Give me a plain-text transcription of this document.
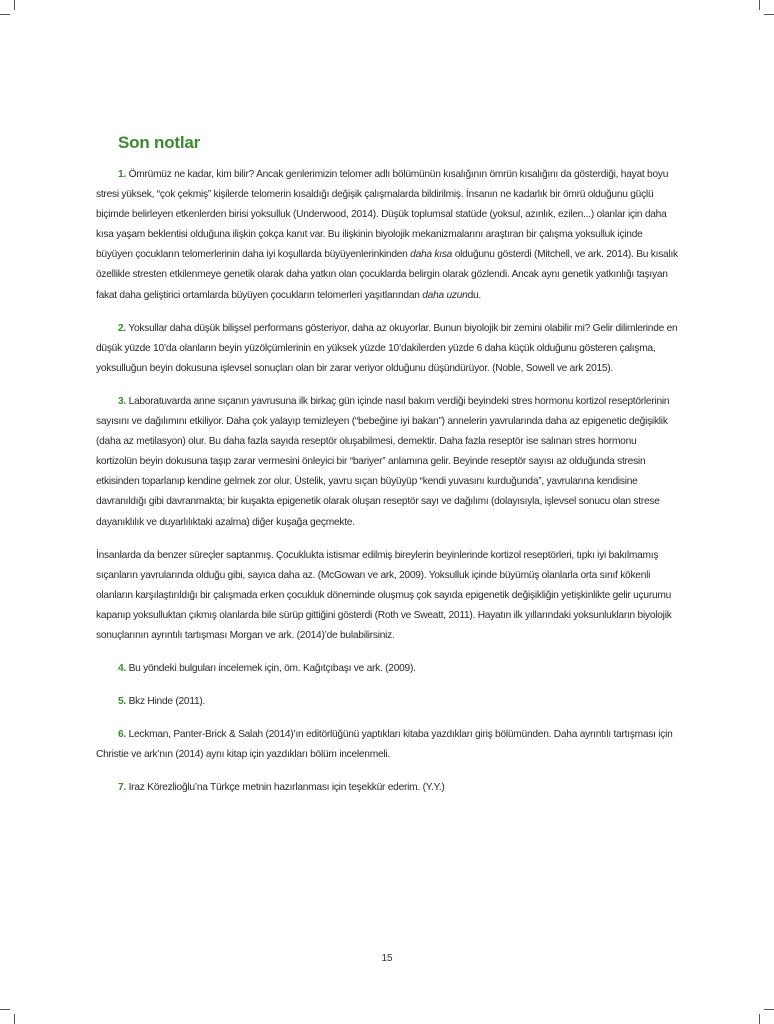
Son notlar

1. Ömrümüz ne kadar, kim bilir? Ancak genlerimizin telomer adlı bölümünün kısalığının ömrün kısalığını da gösterdiği, hayat boyu stresi yüksek, “çok çekmiş” kişilerde telomerin kısaldığı değişik çalışmalarda bildirilmiş. İnsanın ne kadarlık bir ömrü olduğunu güçlü biçimde belirleyen etkenlerden birisi yoksulluk (Underwood, 2014). Düşük toplumsal statüde (yoksul, azınlık, ezilen...) olanlar için daha kısa yaşam beklentisi olduğuna ilişkin çokça kanıt var. Bu ilişkinin biyolojik mekanizmalarını araştıran bir çalışma yoksulluk içinde büyüyen çocukların telomerlerinin daha iyi koşullarda büyüyenlerinkinden daha kısa olduğunu gösterdi (Mitchell, ve ark. 2014). Bu kısalık özellikle stresten etkilenmeye genetik olarak daha yatkın olan çocuklarda belirgin olarak gözlendi. Ancak aynı genetik yatkınlığı taşıyan fakat daha geliştirici ortamlarda büyüyen çocukların telomerleri yaşıtlarından daha uzundu.

2. Yoksullar daha düşük bilişsel performans gösteriyor, daha az okuyorlar. Bunun biyolojik bir zemini olabilir mi? Gelir dilimlerinde en düşük yüzde 10’da olanların beyin yüzölçümlerinin en yüksek yüzde 10’dakilerden yüzde 6 daha küçük olduğunu gösteren çalışma, yoksulluğun beyin dokusuna işlevsel sonuçları olan bir zarar veriyor olduğunu düşündürüyor. (Noble, Sowell ve ark 2015).

3. Laboratuvarda anne sıçanın yavrusuna ilk birkaç gün içinde nasıl bakım verdiği beyindeki stres hormonu kortizol reseptörlerinin sayısını ve dağılımını etkiliyor. Daha çok yalayıp temizleyen (“bebeğine iyi bakan”) annelerin yavrularında daha az epigenetic değişiklik (daha az metilasyon) olur. Bu daha fazla sayıda reseptör oluşabilmesi, demektir. Daha fazla reseptör ise salınan stres hormonu kortizolün beyin dokusuna taşıp zarar vermesini önleyici bir “bariyer” anlamına gelir. Beyinde reseptör sayısı az olduğunda stresin etkisinden toparlanıp kendine gelmek zor olur. Üstelik, yavru sıçan büyüyüp “kendi yuvasını kurduğunda”, yavrularına kendisine davranıldığı gibi davranmakta; bir kuşakta epigenetik olarak oluşan reseptör sayı ve dağılımı (dolayısıyla, işlevsel sonucu olan strese dayanıklılık ve duyarlılıktaki azalma) diğer kuşağa geçmekte.

İnsanlarda da benzer süreçler saptanmış. Çocuklukta istismar edilmiş bireylerin beyinlerinde kortizol reseptörleri, tıpkı iyi bakılmamış sıçanların yavrularında olduğu gibi, sayıca daha az. (McGowan ve ark, 2009). Yoksulluk içinde büyümüş olanlarla orta sınıf kökenli olanların karşılaştırıldığı bir çalışmada erken çocukluk döneminde oluşmuş çok sayıda epigenetik değişikliğin yetişkinlikte gelir uçurumu kapanıp yoksulluktan çıkmış olanlarda bile sürüp gittiğini gösterdi (Roth ve Sweatt, 2011). Hayatın ilk yıllarındaki yoksunlukların biyolojik sonuçlarının ayrıntılı tartışması Morgan ve ark. (2014)’de bulabilirsiniz.

4. Bu yöndeki bulguları incelemek için, öm. Kağıtçıbaşı ve ark. (2009).

5. Bkz Hinde (2011).

6. Leckman, Panter-Brick & Salah (2014)’ın editörlüğünü yaptıkları kitaba yazdıkları giriş bölümünden. Daha ayrıntılı tartışması için Christie ve ark’nın (2014) aynı kitap için yazdıkları bölüm incelenmeli.

7. Iraz Körezlioğlu’na Türkçe metnin hazırlanması için teşekkür ederim. (Y.Y.)

15
